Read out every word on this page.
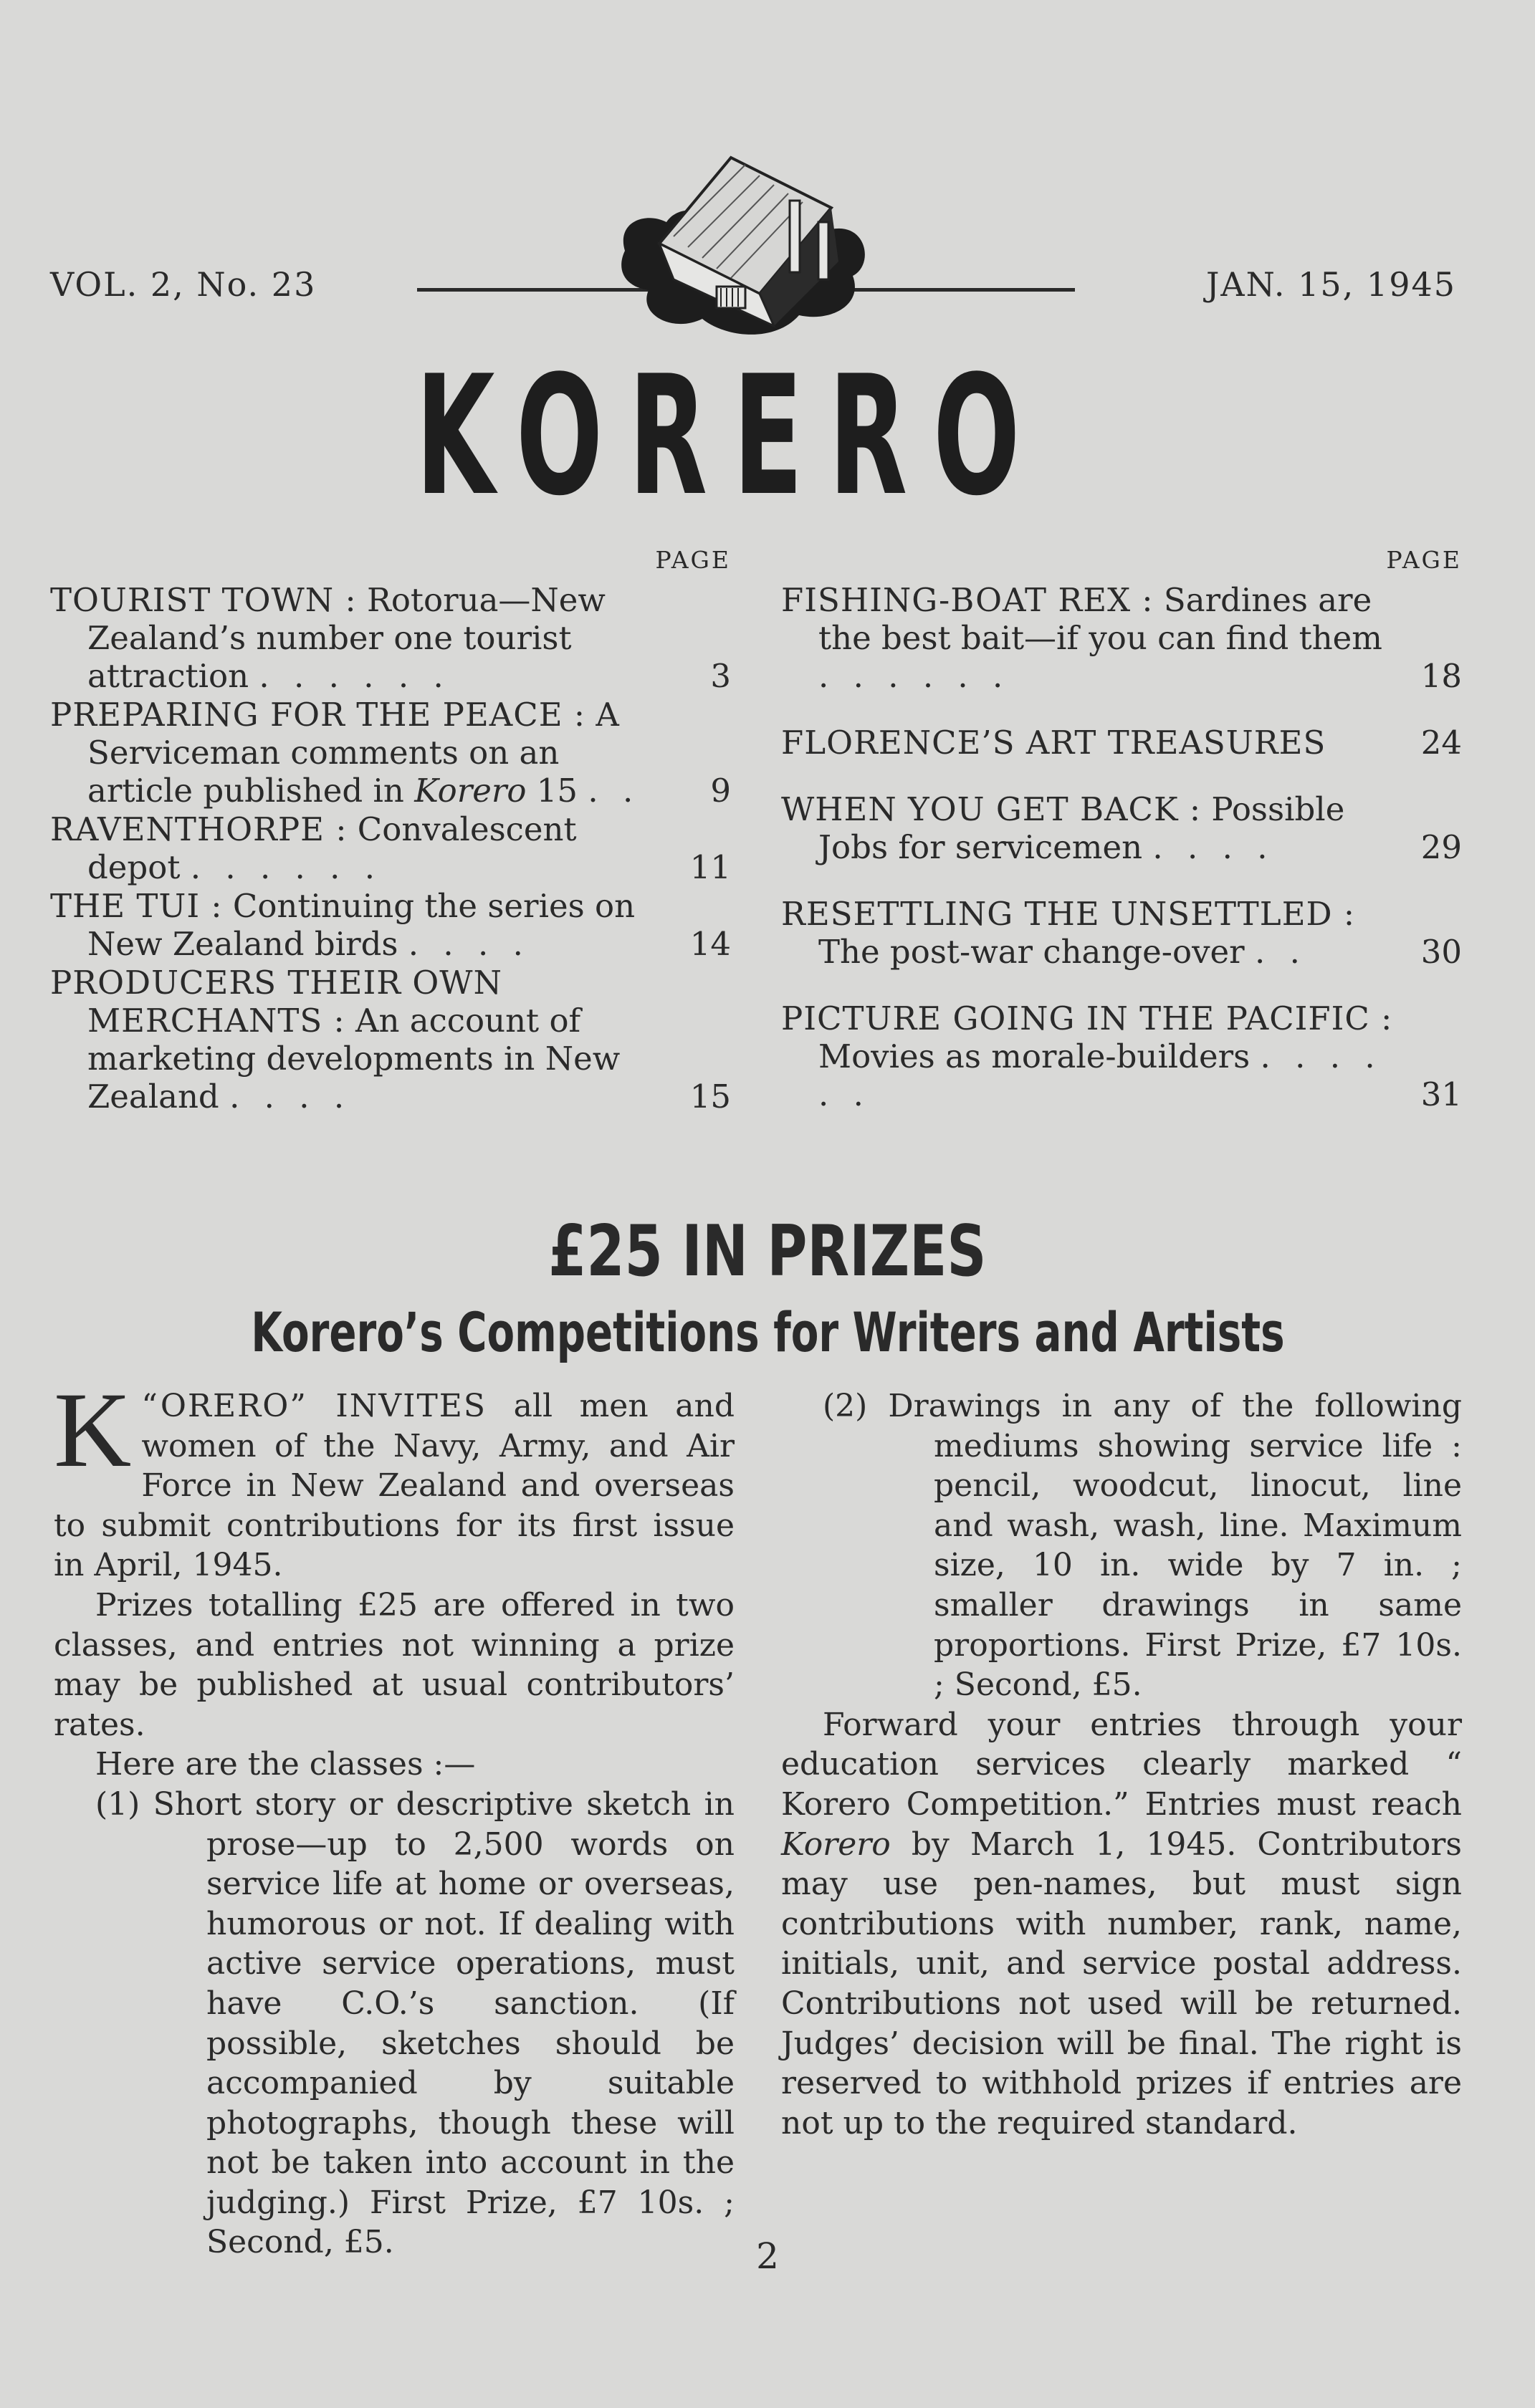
VOL. 2, No. 23	JAN. 15, 1945
KORERO
PAGE
TOURIST TOWN : Rotorua—New Zealand’s number one tourist attraction . . . . . .	3
PREPARING FOR THE PEACE : A Serviceman comments on an article published in Korero 15 . . 9
RAVENTHORPE : Convalescent depot . . . . . .	11
THE TUI : Continuing the series on New Zealand birds . . . .	14
PRODUCERS THEIR OWN MERCHANTS : An account of marketing developments in New Zealand . . . .	15
PAGE
FISHING-BOAT REX : Sardines are the best bait—if you can find them . . . . . .	18
FLORENCE’S ART TREASURES	24
WHEN YOU GET BACK : Possible Jobs for servicemen . . . .	29
RESETTLING THE UNSETTLED : The post-war change-over . .	30
PICTURE GOING IN THE PACIFIC : Movies as morale-builders . . . . . .	31
£25 IN PRIZES
Korero’s Competitions for Writers and Artists

“
K ORERO” INVITES all men and women of the Navy, Army, and Air Force in New Zealand and overseas to submit contributions for its first issue in April, 1945.

Prizes totalling £25 are offered in two classes, and entries not winning a prize may be published at usual contributors’ rates.

Here are the classes :—

(1) Short story or descriptive sketch in prose—up to 2,500 words on service life at home or overseas, humorous or not. If dealing with active service operations, must have C.O.’s sanction. (If possible, sketches should be accompanied by suitable photographs, though these will not be taken into account in the judging.) First Prize, £7 10s. ; Second, £5.

(2) Drawings in any of the following mediums showing service life : pencil, woodcut, linocut, line and wash, wash, line. Maximum size, 10 in. wide by 7 in. ; smaller drawings in same proportions. First Prize, £7 10s. ; Second, £5.

Forward your entries through your education services clearly marked “ Korero Competition.” Entries must reach Korero by March 1, 1945. Contributors may use pen-names, but must sign contributions with number, rank, name, initials, unit, and service postal address. Contributions not used will be returned. Judges’ decision will be final. The right is reserved to withhold prizes if entries are not up to the required standard.

2
